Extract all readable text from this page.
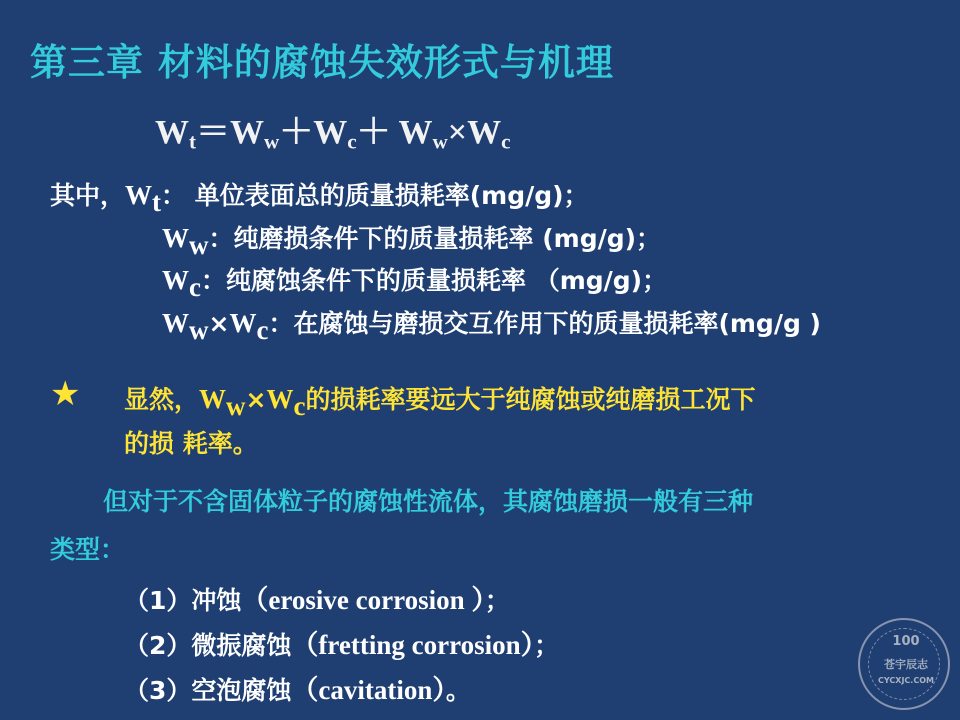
第三章 材料的腐蚀失效形式与机理
$W_t=W_w+W_c+ W_w\times W_c$
其中，$W_t$： 单位表面总的质量损耗率(mg/g)；
$W_w$：纯磨损条件下的质量损耗率 (mg/g)；
$W_c$：纯腐蚀条件下的质量损耗率 （mg/g)；
$W_w\times W_c$：在腐蚀与磨损交互作用下的质量损耗率(mg/g )
★ 显然，$W_w\times W_c$的损耗率要远大于纯腐蚀或纯磨损工况下
的损 耗率。
但对于不含固体粒子的腐蚀性流体，其腐蚀磨损一般有三种
类型：
（1）冲蚀（erosive corrosion ）；
（2）微振腐蚀（fretting corrosion）；
（3）空泡腐蚀（cavitation）。
100
苍宇辰志
CYCXJC.COM
